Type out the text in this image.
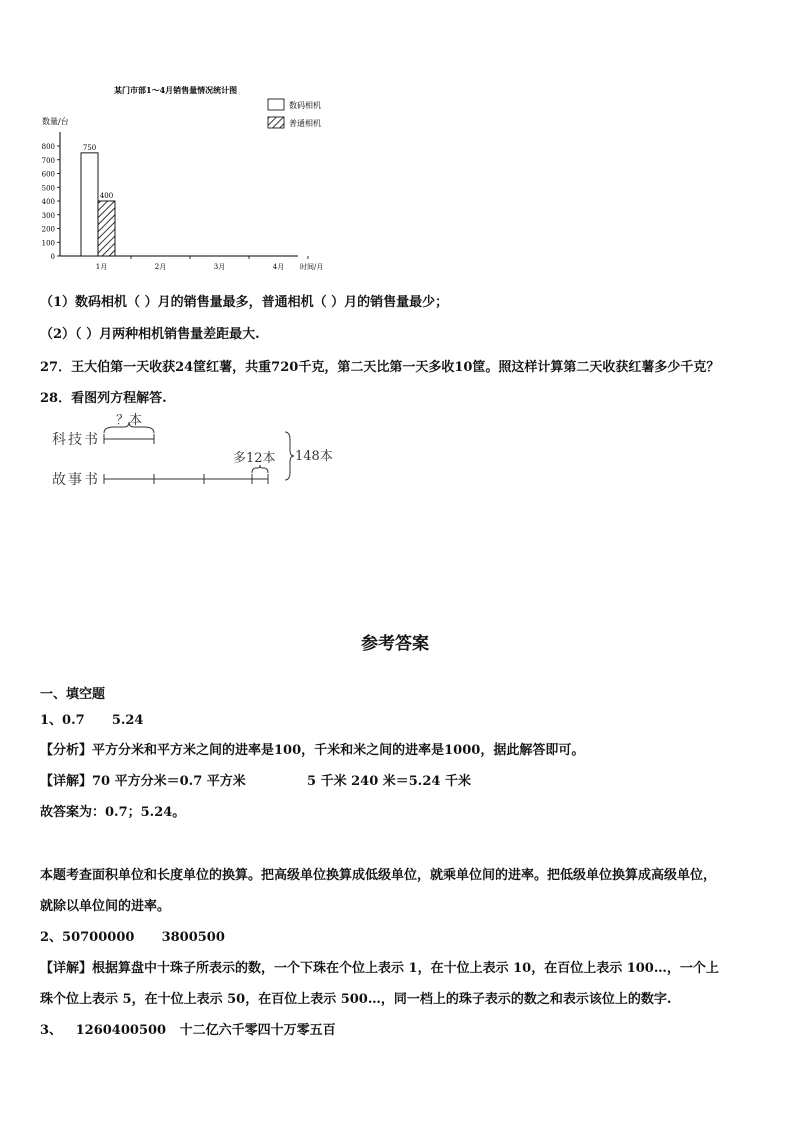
某门市部1～4月销售量情况统计图
数量/台
数码相机
普通相机
0
100
200
300
400
500
600
700
800
1月	2月	3月	4月 时间/月
750
400
（1）数码相机（ ）月的销售量最多，普通相机（ ）月的销售量最少；
（2）（ ）月两种相机销售量差距最大.
27．王大伯第一天收获24筐红薯，共重720千克，第二天比第一天多收10筐。照这样计算第二天收获红薯多少千克？
28．看图列方程解答.
科技书
故事书
？本
多12本 148本
参考答案
一、填空题
1、0.7      5.24
【分析】平方分米和平方米之间的进率是100，千米和米之间的进率是1000，据此解答即可。
【详解】70 平方分米＝0.7 平方米	5 千米 240 米＝5.24 千米
故答案为：0.7；5.24。
本题考查面积单位和长度单位的换算。把高级单位换算成低级单位，就乘单位间的进率。把低级单位换算成高级单位，
就除以单位间的进率。
2、50700000      3800500
【详解】根据算盘中十珠子所表示的数，一个下珠在个位上表示 1，在十位上表示 10，在百位上表示 100…，一个上
珠个位上表示 5，在十位上表示 50，在百位上表示 500…，同一档上的珠子表示的数之和表示该位上的数字.
3、   1260400500   十二亿六千零四十万零五百
